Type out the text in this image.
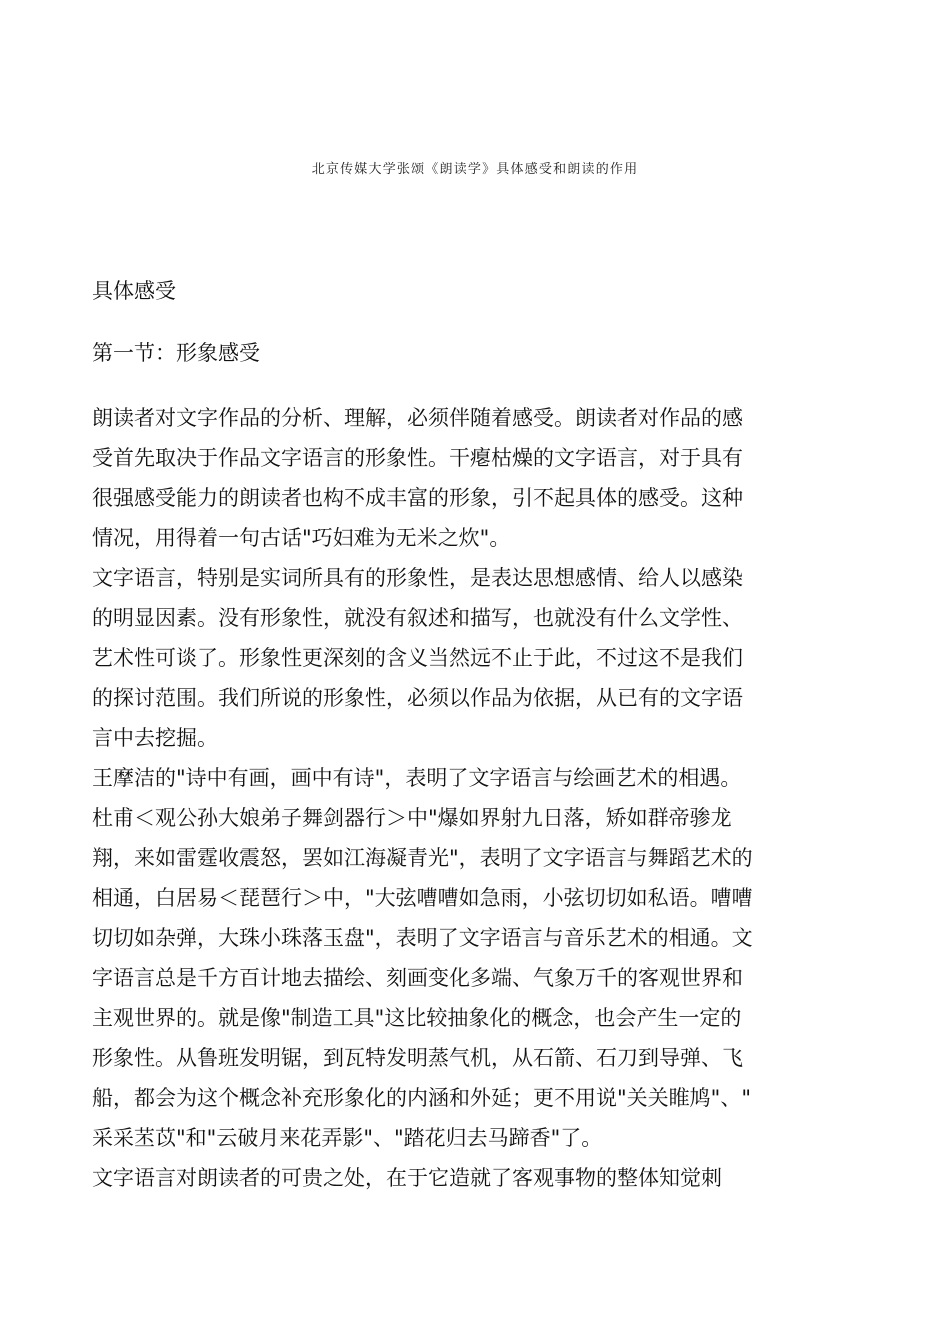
北京传媒大学张颂《朗读学》具体感受和朗读的作用
具体感受
第一节：形象感受
朗读者对文字作品的分析、理解，必须伴随着感受。朗读者对作品的感
受首先取决于作品文字语言的形象性。干瘪枯燥的文字语言，对于具有
很强感受能力的朗读者也构不成丰富的形象，引不起具体的感受。这种
情况，用得着一句古话"巧妇难为无米之炊"。
文字语言，特别是实词所具有的形象性，是表达思想感情、给人以感染
的明显因素。没有形象性，就没有叙述和描写，也就没有什么文学性、
艺术性可谈了。形象性更深刻的含义当然远不止于此，不过这不是我们
的探讨范围。我们所说的形象性，必须以作品为依据，从已有的文字语
言中去挖掘。
王摩洁的"诗中有画，画中有诗"，表明了文字语言与绘画艺术的相遇。
杜甫＜观公孙大娘弟子舞剑器行＞中"爆如界射九日落，矫如群帝骖龙
翔，来如雷霆收震怒，罢如江海凝青光"，表明了文字语言与舞蹈艺术的
相通，白居易＜琵琶行＞中，"大弦嘈嘈如急雨，小弦切切如私语。嘈嘈
切切如杂弹，大珠小珠落玉盘"，表明了文字语言与音乐艺术的相通。文
字语言总是千方百计地去描绘、刻画变化多端、气象万千的客观世界和
主观世界的。就是像"制造工具"这比较抽象化的概念，也会产生一定的
形象性。从鲁班发明锯，到瓦特发明蒸气机，从石箭、石刀到导弹、飞
船，都会为这个概念补充形象化的内涵和外延；更不用说"关关睢鸠"、"
采采苤苡"和"云破月来花弄影"、"踏花归去马蹄香"了。
文字语言对朗读者的可贵之处，在于它造就了客观事物的整体知觉刺
